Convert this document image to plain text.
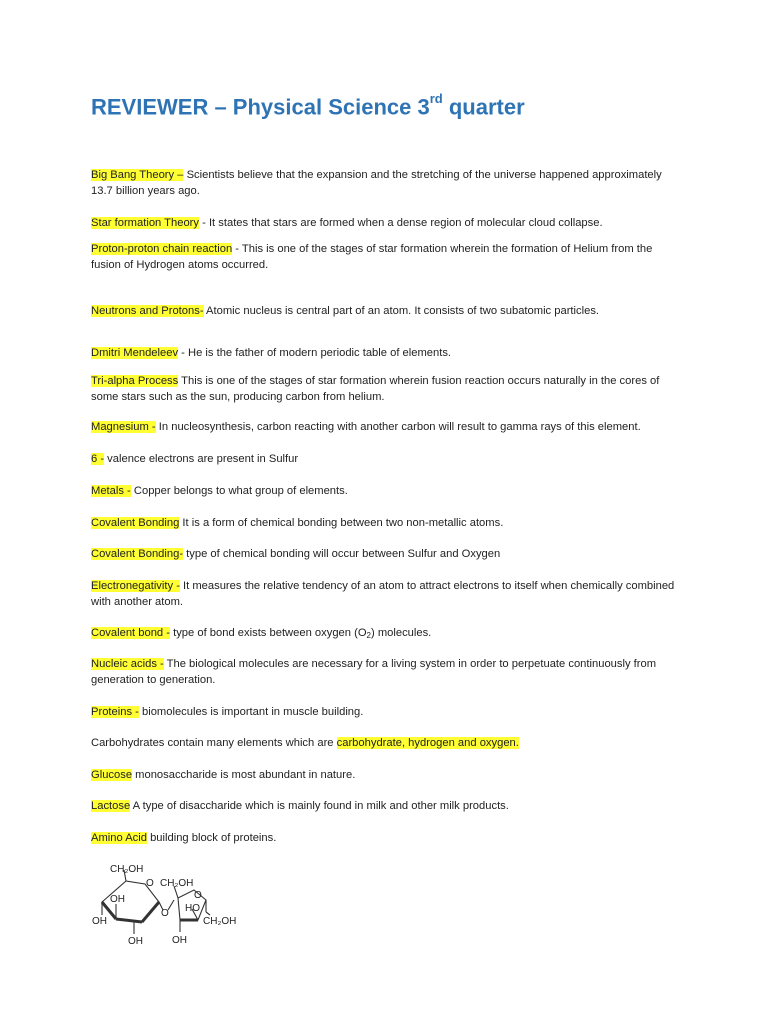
REVIEWER – Physical Science 3rd quarter

Big Bang Theory – Scientists believe that the expansion and the stretching of the universe happened approximately 13.7 billion years ago.

Star formation Theory - It states that stars are formed when a dense region of molecular cloud collapse.

Proton-proton chain reaction - This is one of the stages of star formation wherein the formation of Helium from the fusion of Hydrogen atoms occurred.

Neutrons and Protons- Atomic nucleus is central part of an atom. It consists of two subatomic particles.

Dmitri Mendeleev - He is the father of modern periodic table of elements.

Tri-alpha Process This is one of the stages of star formation wherein fusion reaction occurs naturally in the cores of some stars such as the sun, producing carbon from helium.

Magnesium - In nucleosynthesis, carbon reacting with another carbon will result to gamma rays of this element.

6 - valence electrons are present in Sulfur

Metals - Copper belongs to what group of elements.

Covalent Bonding It is a form of chemical bonding between two non-metallic atoms.

Covalent Bonding- type of chemical bonding will occur between Sulfur and Oxygen

Electronegativity - It measures the relative tendency of an atom to attract electrons to itself when chemically combined with another atom.

Covalent bond - type of bond exists between oxygen $(O_2)$ molecules.

Nucleic acids - The biological molecules are necessary for a living system in order to perpetuate continuously from generation to generation.

Proteins - biomolecules is important in muscle building.

Carbohydrates contain many elements which are carbohydrate, hydrogen and oxygen.

Glucose monosaccharide is most abundant in nature.

Lactose A type of disaccharide which is mainly found in milk and other milk products.

Amino Acid building block of proteins.

CH₂OH
O
OH
OH
OH
O
CH₂OH
O
HO
CH₂OH
OH
